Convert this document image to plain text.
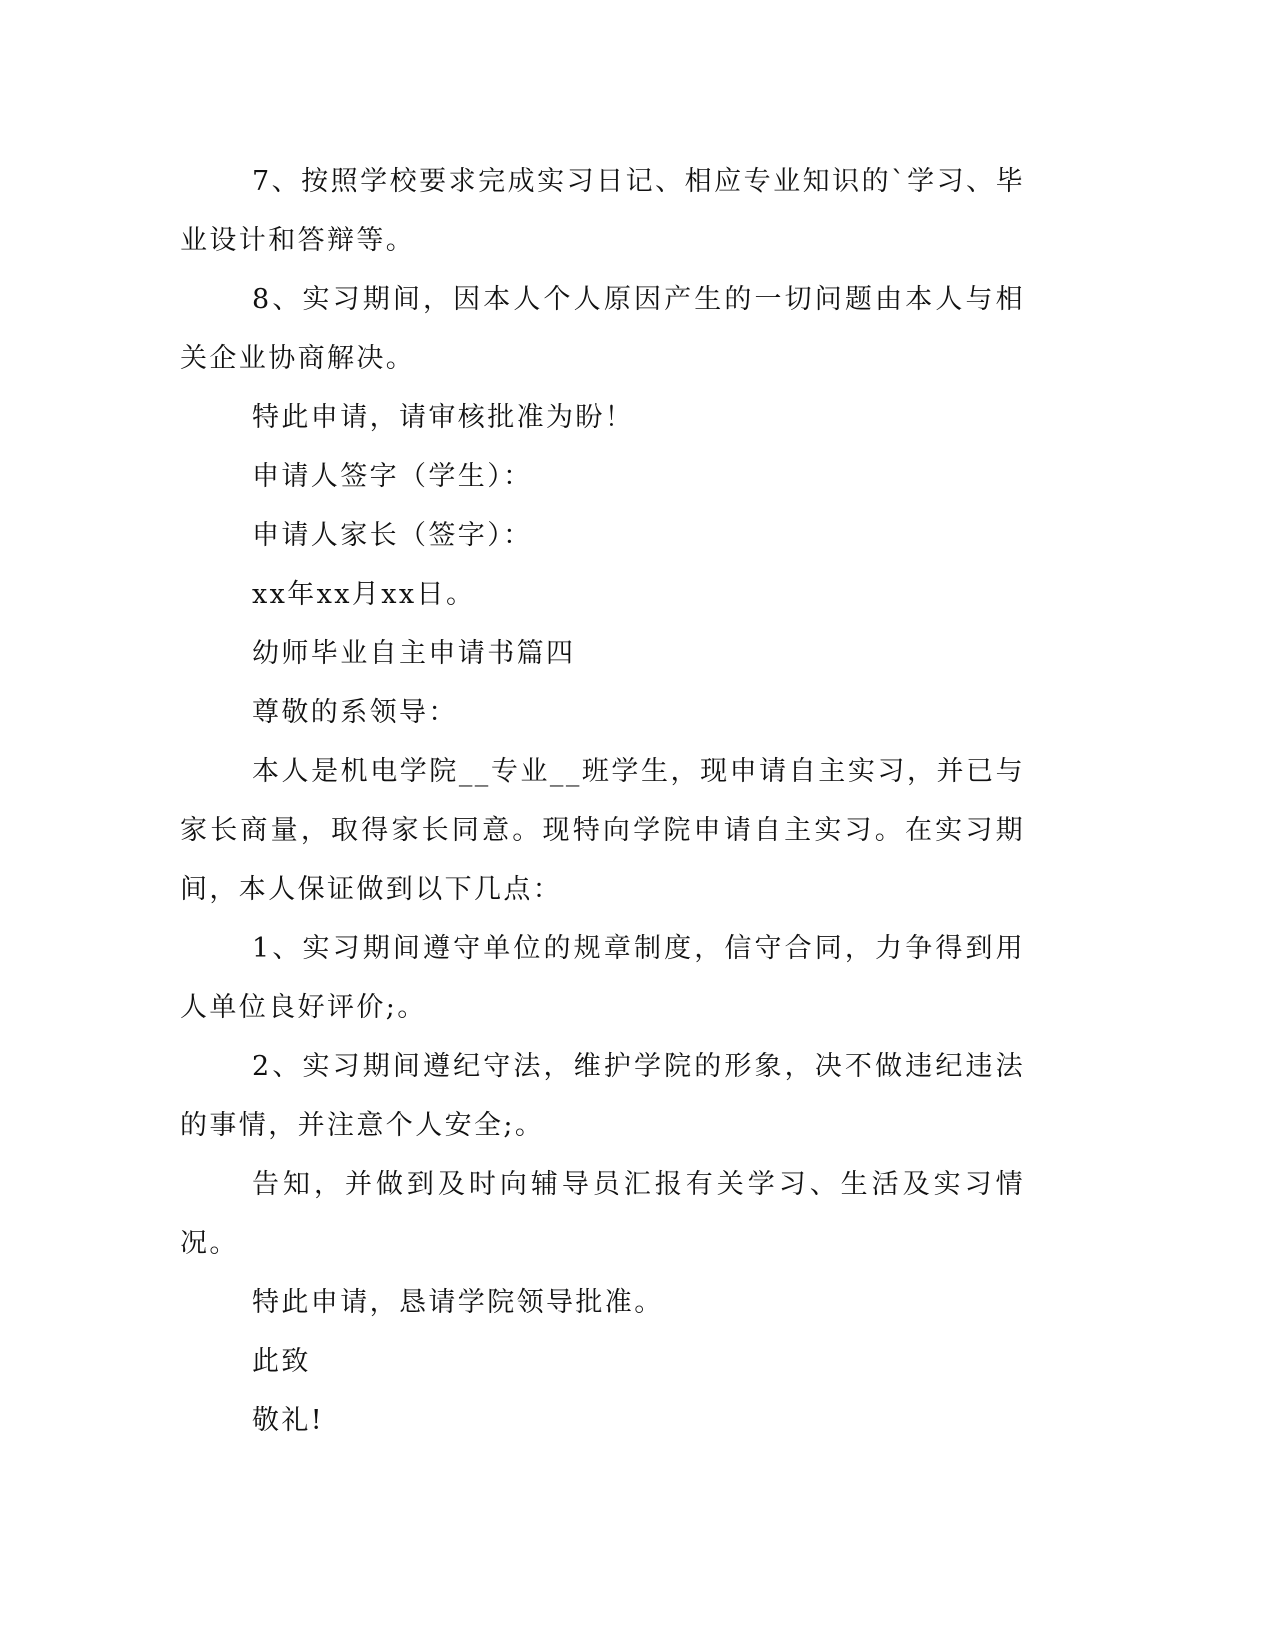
7、按照学校要求完成实习日记、相应专业知识的`学习、毕业设计和答辩等。

8、实习期间，因本人个人原因产生的一切问题由本人与相关企业协商解决。

特此申请，请审核批准为盼！

申请人签字（学生）：

申请人家长（签字）：

xx年xx月xx日。

幼师毕业自主申请书篇四

尊敬的系领导：

本人是机电学院__专业__班学生，现申请自主实习，并已与家长商量，取得家长同意。现特向学院申请自主实习。在实习期间，本人保证做到以下几点：

1、实习期间遵守单位的规章制度，信守合同，力争得到用人单位良好评价;。

2、实习期间遵纪守法，维护学院的形象，决不做违纪违法的事情，并注意个人安全;。

告知，并做到及时向辅导员汇报有关学习、生活及实习情况。

特此申请，恳请学院领导批准。

此致

敬礼!
